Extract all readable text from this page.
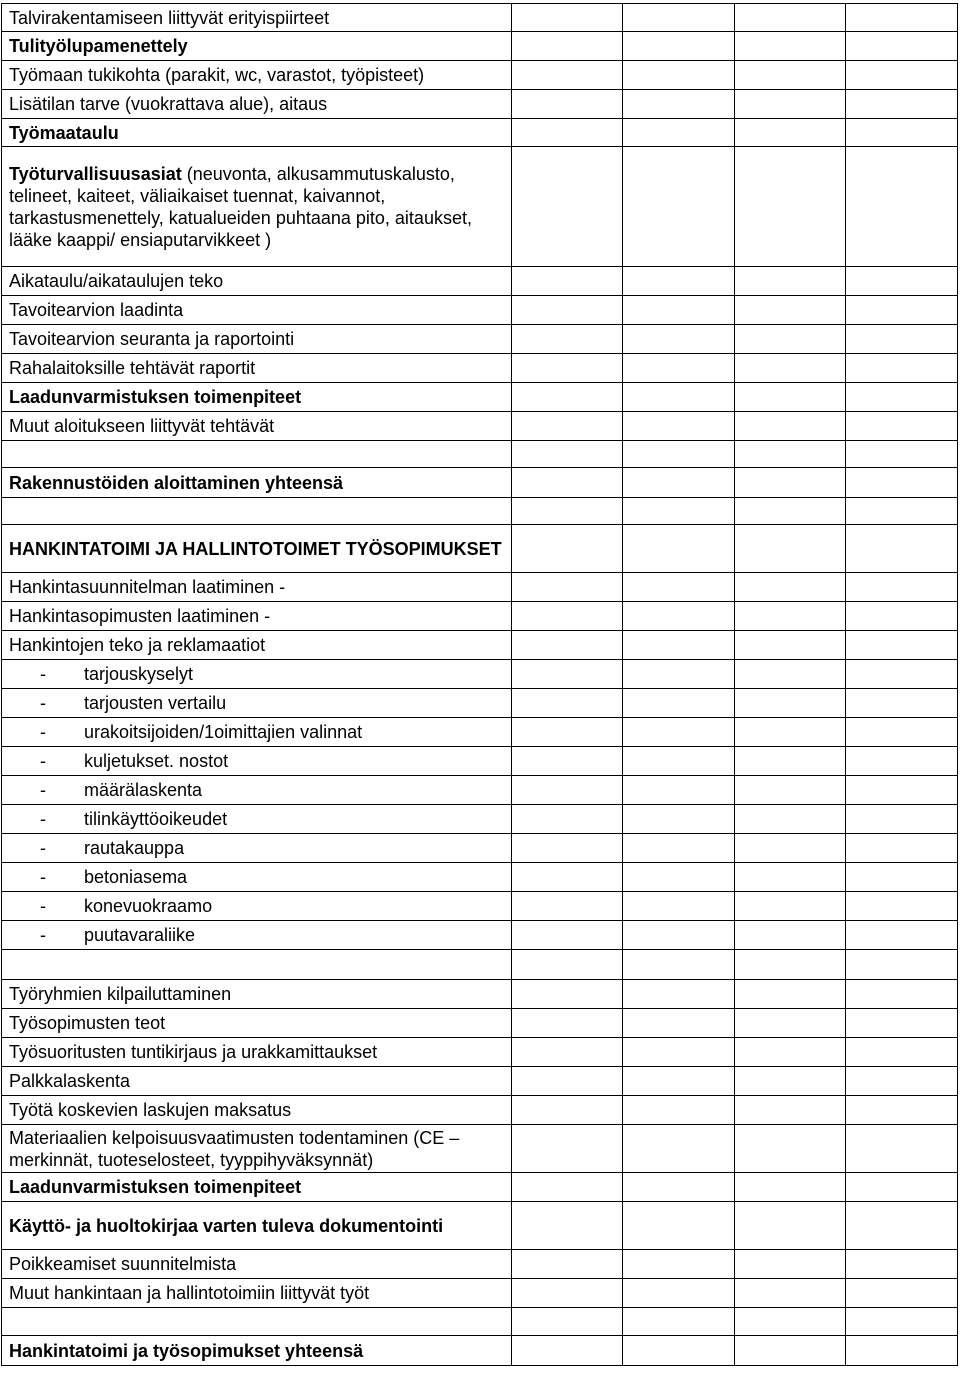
Talvirakentamiseen liittyvät erityispiirteet				
Tulityölupamenettely				
Työmaan tukikohta (parakit, wc, varastot, työpisteet)				
Lisätilan tarve (vuokrattava alue), aitaus				
Työmaataulu				
Työturvallisuusasiat (neuvonta, alkusammutuskalusto, telineet, kaiteet, väliaikaiset tuennat, kaivannot, tarkastusmenettely, katualueiden puhtaana pito, aitaukset, lääke kaappi/ ensiaputarvikkeet )				
Aikataulu/aikataulujen teko				
Tavoitearvion laadinta				
Tavoitearvion seuranta ja raportointi				
Rahalaitoksille tehtävät raportit				
Laadunvarmistuksen toimenpiteet				
Muut aloitukseen liittyvät tehtävät				

Rakennustöiden aloittaminen yhteensä				

HANKINTATOIMI JA HALLINTOTOIMET TYÖSOPIMUKSET				
Hankintasuunnitelman laatiminen -				
Hankintasopimusten laatiminen -				
Hankintojen teko ja reklamaatiot				
- tarjouskyselyt				
- tarjousten vertailu				
- urakoitsijoiden/1oimittajien valinnat				
- kuljetukset. nostot				
- määrälaskenta				
- tilinkäyttöoikeudet				
- rautakauppa				
- betoniasema				
- konevuokraamo				
- puutavaraliike				

Työryhmien kilpailuttaminen				
Työsopimusten teot				
Työsuoritusten tuntikirjaus ja urakkamittaukset				
Palkkalaskenta				
Työtä koskevien laskujen maksatus				
Materiaalien kelpoisuusvaatimusten todentaminen (CE –merkinnät, tuoteselosteet, tyyppihyväksynnät)				
Laadunvarmistuksen toimenpiteet				
Käyttö- ja huoltokirjaa varten tuleva dokumentointi				
Poikkeamiset suunnitelmista				
Muut hankintaan ja hallintotoimiin liittyvät työt				

Hankintatoimi ja työsopimukset yhteensä				
